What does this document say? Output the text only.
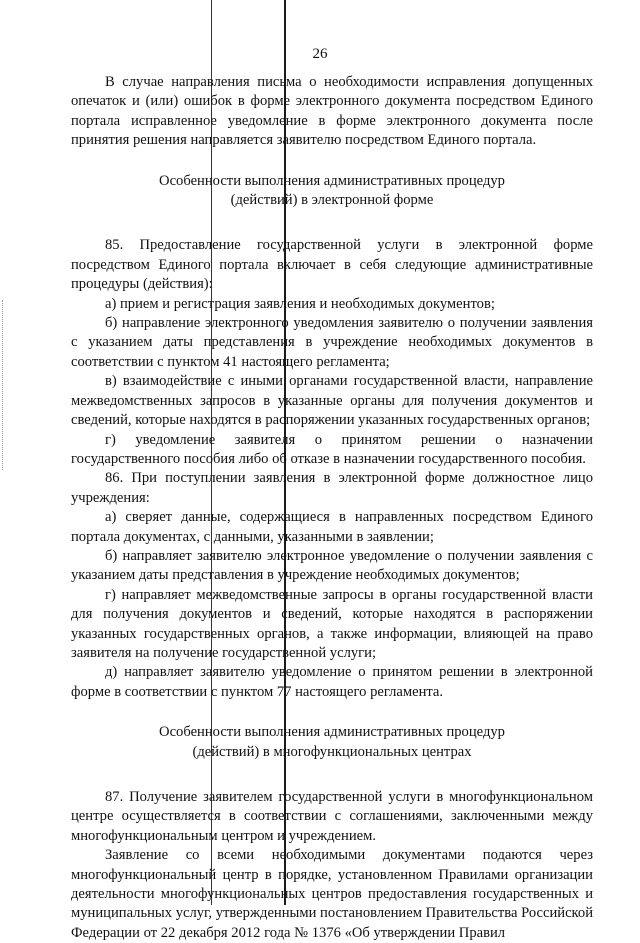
26

В случае направления письма о необходимости исправления допущенных опечаток и (или) ошибок в форме электронного документа посредством Единого портала исправленное уведомление в форме электронного документа после принятия решения направляется заявителю посредством Единого портала.

Особенности выполнения административных процедур
(действий) в электронной форме

85. Предоставление государственной услуги в электронной форме посредством Единого портала включает в себя следующие административные процедуры (действия):

а) прием и регистрация заявления и необходимых документов;

б) направление электронного уведомления заявителю о получении заявления с указанием даты представления в учреждение необходимых документов в соответствии с пунктом 41 настоящего регламента;

в) взаимодействие с иными органами государственной власти, направление межведомственных запросов в указанные органы для получения документов и сведений, которые находятся в распоряжении указанных государственных органов;

г) уведомление заявителя о принятом решении о назначении государственного пособия либо об отказе в назначении государственного пособия.

86. При поступлении заявления в электронной форме должностное лицо учреждения:

а) сверяет данные, содержащиеся в направленных посредством Единого портала документах, с данными, указанными в заявлении;

б) направляет заявителю электронное уведомление о получении заявления с указанием даты представления в учреждение необходимых документов;

г) направляет межведомственные запросы в органы государственной власти для получения документов и сведений, которые находятся в распоряжении указанных государственных органов, а также информации, влияющей на право заявителя на получение государственной услуги;

д) направляет заявителю уведомление о принятом решении в электронной форме в соответствии с пунктом 77 настоящего регламента.

Особенности выполнения административных процедур
(действий) в многофункциональных центрах

87. Получение заявителем государственной услуги в многофункциональном центре осуществляется в соответствии с соглашениями, заключенными между многофункциональным центром и учреждением.

Заявление со всеми необходимыми документами подаются через многофункциональный центр в порядке, установленном Правилами организации деятельности многофункциональных центров предоставления государственных и муниципальных услуг, утвержденными постановлением Правительства Российской Федерации от 22 декабря 2012 года № 1376 «Об утверждении Правил
